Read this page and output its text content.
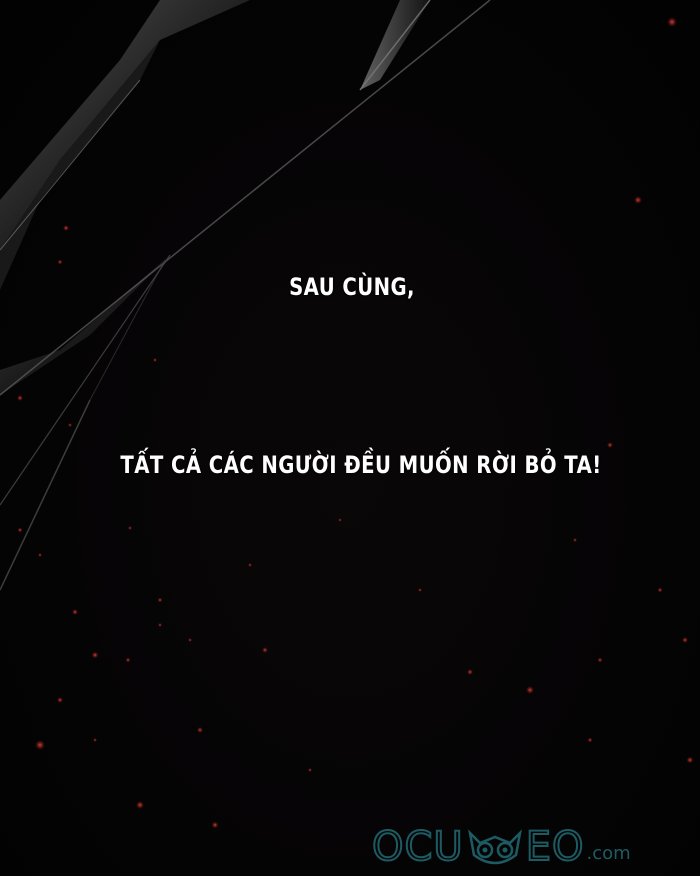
SAU CÙNG,
TẤT CẢ CÁC NGƯỜI ĐỀU MUỐN RỜI BỎ TA!
OCU EO .com
